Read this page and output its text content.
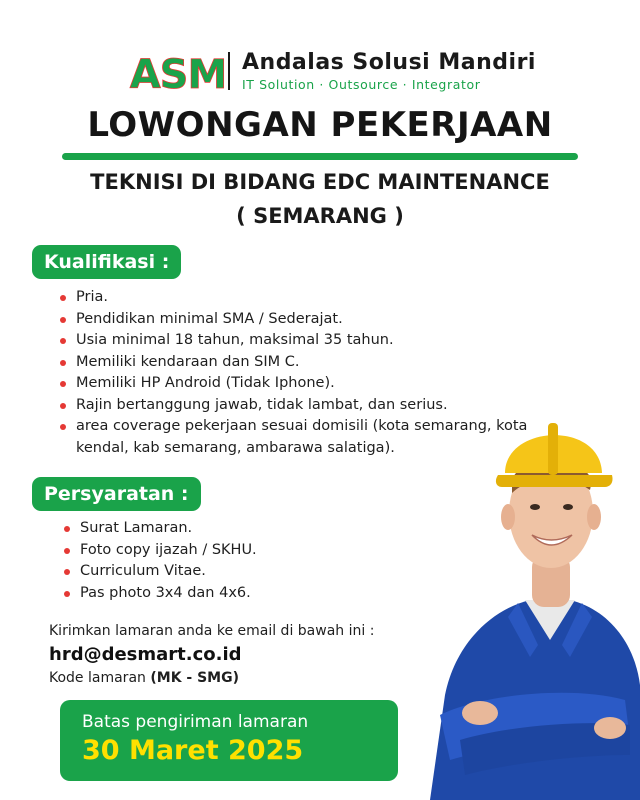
ASM Andalas Solusi Mandiri
IT Solution · Outsource · Integrator
LOWONGAN PEKERJAAN
TEKNISI DI BIDANG EDC MAINTENANCE
( SEMARANG )
Kualifikasi :
Pria.
Pendidikan minimal SMA / Sederajat.
Usia minimal 18 tahun, maksimal 35 tahun.
Memiliki kendaraan dan SIM C.
Memiliki HP Android (Tidak Iphone).
Rajin bertanggung jawab, tidak lambat, dan serius.
area coverage pekerjaan sesuai domisili (kota semarang, kota kendal, kab semarang, ambarawa salatiga).
Persyaratan :
Surat Lamaran.
Foto copy ijazah / SKHU.
Curriculum Vitae.
Pas photo 3x4 dan 4x6.
Kirimkan lamaran anda ke email di bawah ini :
hrd@desmart.co.id
Kode lamaran (MK - SMG)
Batas pengiriman lamaran
30 Maret 2025
